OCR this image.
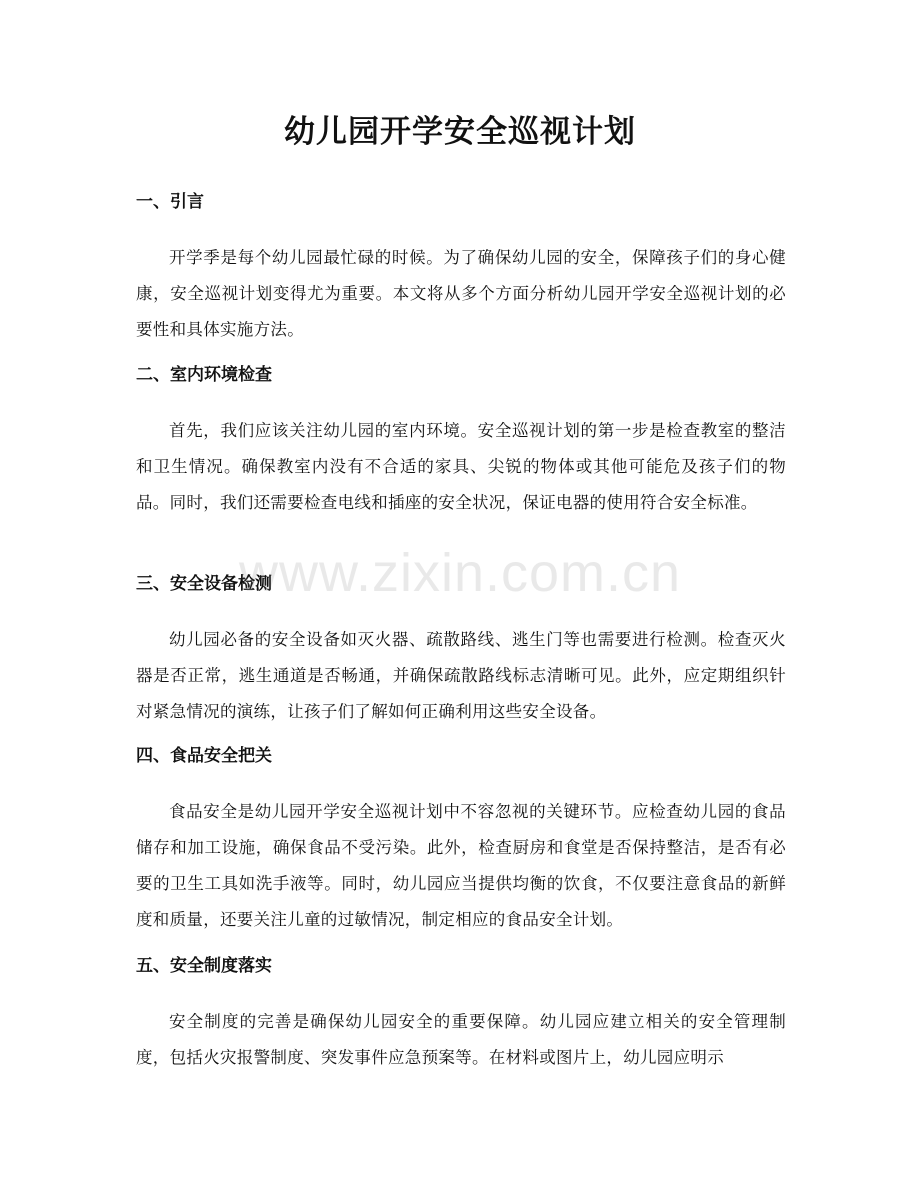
幼儿园开学安全巡视计划
一、引言

开学季是每个幼儿园最忙碌的时候。为了确保幼儿园的安全，保障孩子们的身心健康，安全巡视计划变得尤为重要。本文将从多个方面分析幼儿园开学安全巡视计划的必要性和具体实施方法。

二、室内环境检查

首先，我们应该关注幼儿园的室内环境。安全巡视计划的第一步是检查教室的整洁和卫生情况。确保教室内没有不合适的家具、尖锐的物体或其他可能危及孩子们的物品。同时，我们还需要检查电线和插座的安全状况，保证电器的使用符合安全标准。

三、安全设备检测

幼儿园必备的安全设备如灭火器、疏散路线、逃生门等也需要进行检测。检查灭火器是否正常，逃生通道是否畅通，并确保疏散路线标志清晰可见。此外，应定期组织针对紧急情况的演练，让孩子们了解如何正确利用这些安全设备。

四、食品安全把关

食品安全是幼儿园开学安全巡视计划中不容忽视的关键环节。应检查幼儿园的食品储存和加工设施，确保食品不受污染。此外，检查厨房和食堂是否保持整洁，是否有必要的卫生工具如洗手液等。同时，幼儿园应当提供均衡的饮食，不仅要注意食品的新鲜度和质量，还要关注儿童的过敏情况，制定相应的食品安全计划。

五、安全制度落实

安全制度的完善是确保幼儿园安全的重要保障。幼儿园应建立相关的安全管理制度，包括火灾报警制度、突发事件应急预案等。在材料或图片上，幼儿园应明示

www.zixin.com.cn
